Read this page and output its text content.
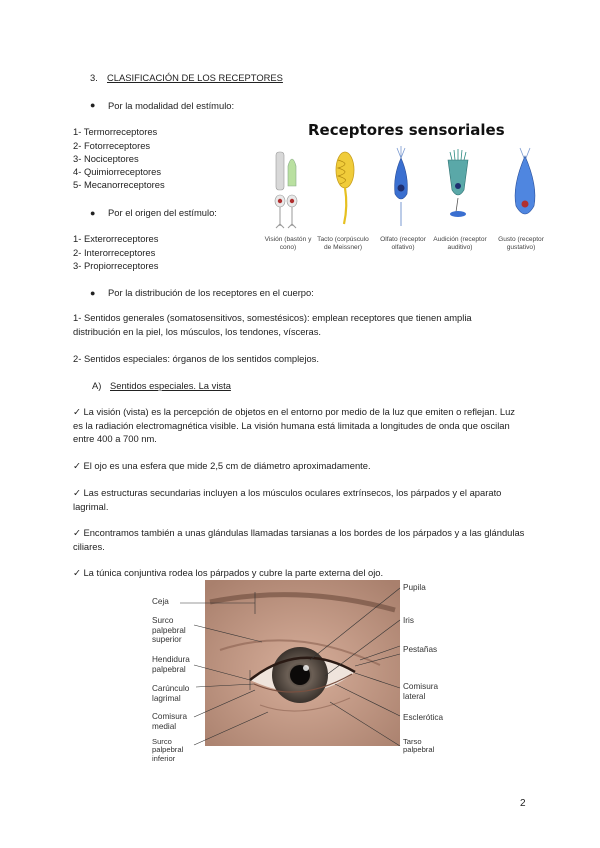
3. CLASIFICACIÓN DE LOS RECEPTORES
● Por la modalidad del estímulo:
1- Termorreceptores
2- Fotorreceptores
3- Nociceptores
4- Quimiorreceptores
5- Mecanorreceptores
● Por el origen del estímulo:
1- Exterorreceptores
2- Interorreceptores
3- Propiorreceptores
Receptores sensoriales
Visión (bastón y cono)
Tacto (corpúsculo de Meissner)
Olfato (receptor olfativo)
Audición (receptor auditivo)
Gusto (receptor gustativo)
● Por la distribución de los receptores en el cuerpo:
1- Sentidos generales (somatosensitivos, somestésicos): emplean receptores que tienen amplia distribución en la piel, los músculos, los tendones, vísceras.
2- Sentidos especiales: órganos de los sentidos complejos.
A) Sentidos especiales. La vista
✓ La visión (vista) es la percepción de objetos en el entorno por medio de la luz que emiten o reflejan. Luz es la radiación electromagnética visible. La visión humana está limitada a longitudes de onda que oscilan entre 400 a 700 nm.
✓ El ojo es una esfera que mide 2,5 cm de diámetro aproximadamente.
✓ Las estructuras secundarias incluyen a los músculos oculares extrínsecos, los párpados y el aparato lagrimal.
✓ Encontramos también a unas glándulas llamadas tarsianas a los bordes de los párpados y a las glándulas ciliares.
✓ La túnica conjuntiva rodea los párpados y cubre la parte externa del ojo.
Ceja
Surco palpebral superior
Hendidura palpebral
Carúnculo lagrimal
Comisura medial
Surco palpebral inferior
Pupila
Iris
Pestañas
Comisura lateral
Esclerótica
Tarso palpebral
2
